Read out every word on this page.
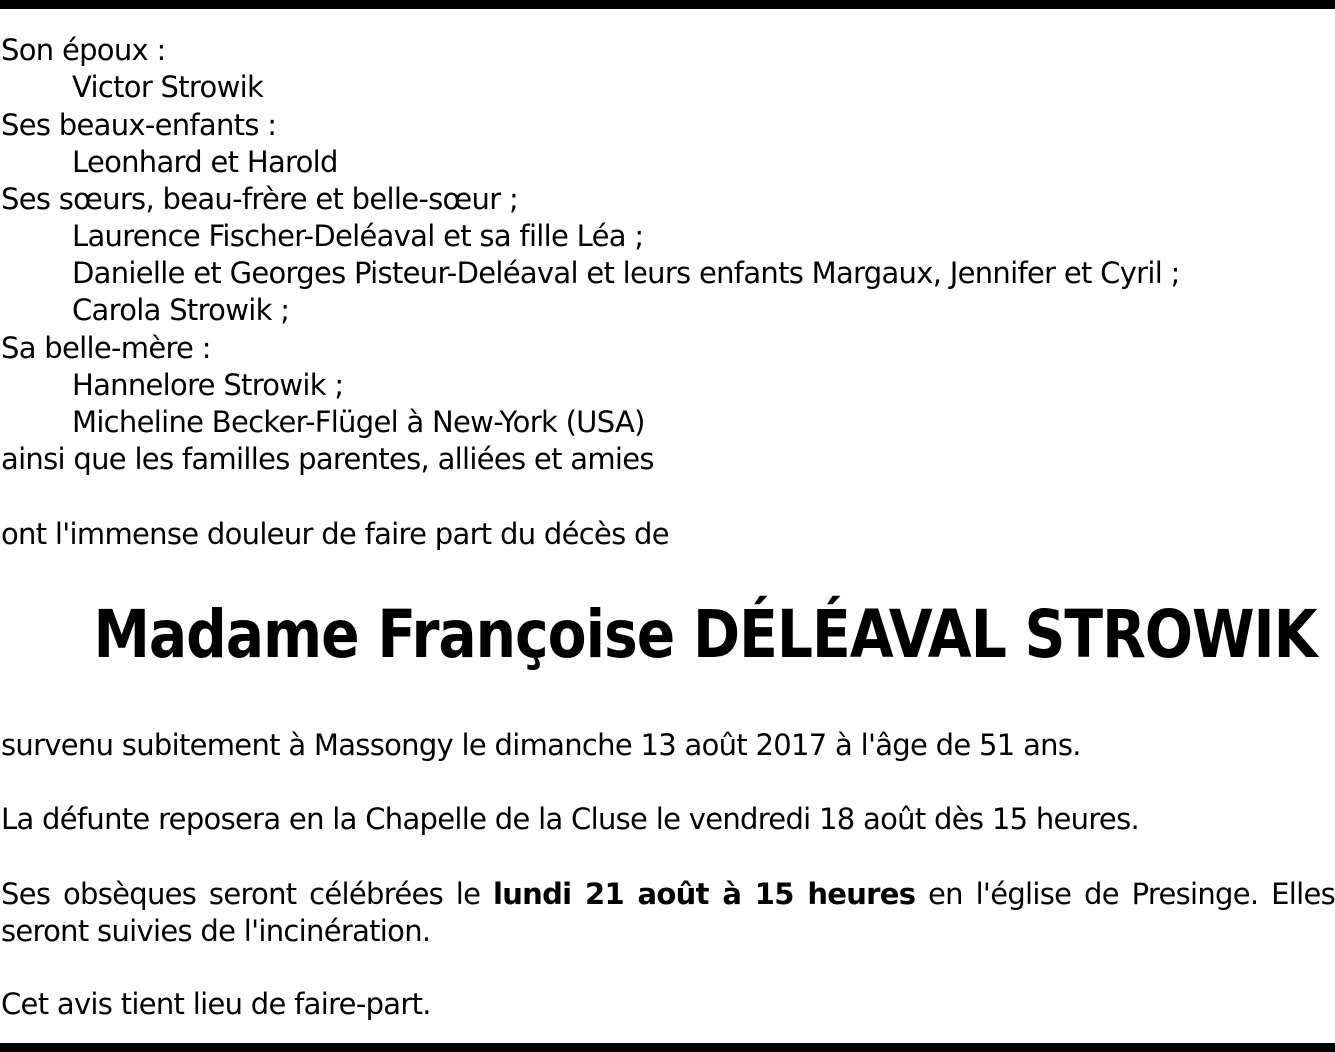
Son époux :
Victor Strowik
Ses beaux-enfants :
Leonhard et Harold
Ses sœurs, beau-frère et belle-sœur ;
Laurence Fischer-Deléaval et sa fille Léa ;
Danielle et Georges Pisteur-Deléaval et leurs enfants Margaux, Jennifer et Cyril ;
Carola Strowik ;
Sa belle-mère :
Hannelore Strowik ;
Micheline Becker-Flügel à New-York (USA)
ainsi que les familles parentes, alliées et amies
ont l'immense douleur de faire part du décès de
Madame Françoise DÉLÉAVAL STROWIK
survenu subitement à Massongy le dimanche 13 août 2017 à l'âge de 51 ans.
La défunte reposera en la Chapelle de la Cluse le vendredi 18 août dès 15 heures.
Ses obsèques seront célébrées le lundi 21 août à 15 heures en l'église de Presinge. Elles seront suivies de l'incinération.
Cet avis tient lieu de faire-part.
